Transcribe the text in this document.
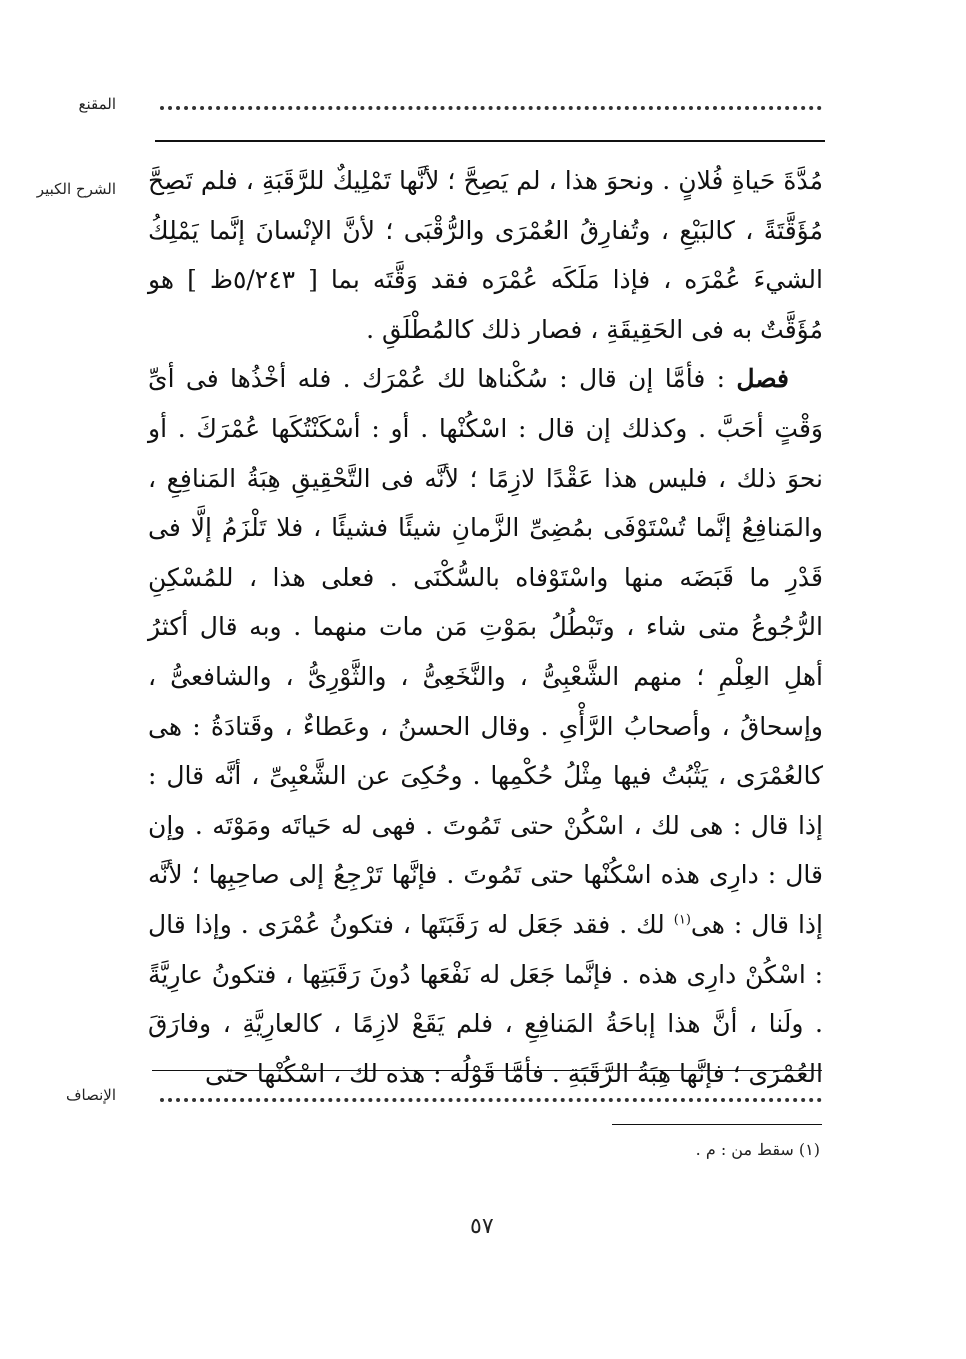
المقنع
الشرح الكبير مُدَّةَ حَياةِ فُلانٍ . ونحوَ هذا ، لم يَصِحَّ ؛ لأنَّها تَمْلِيكٌ للرَّقَبَةِ ، فلم تَصِحَّ مُؤَقَّتَةً ، كالبَيْعِ ، وتُفارِقُ العُمْرَى والرُّقْبَى ؛ لأنَّ الإنْسانَ إنَّما يَمْلِكُ الشيءَ عُمْرَه ، فإذا مَلَكَه عُمْرَه فقد وَقَّتَه بما [ ٥/٢٤٣ظ ] هو مُؤَقَّتٌ به فى الحَقِيقَةِ ، فصار ذلك كالمُطْلَقِ .

فصل : فأمَّا إن قال : سُكْناها لك عُمْرَك . فله أخْذُها فى أىِّ وَقْتٍ أحَبَّ . وكذلك إن قال : اسْكُنْها . أو : أسْكَنْتُكَها عُمْرَكَ . أو نحوَ ذلك ، فليس هذا عَقْدًا لازِمًا ؛ لأنَّه فى التَّحْقِيقِ هِبَةُ المَنافِعِ ، والمَنافِعُ إنَّما تُسْتَوْفَى بمُضِىِّ الزَّمانِ شيئًا فشيئًا ، فلا تَلْزَمُ إلَّا فى قَدْرِ ما قَبَضَه منها واسْتَوْفاه بالسُّكْنَى . فعلى هذا ، للمُسْكِنِ الرُّجُوعُ متى شاء ، وتَبْطُلُ بمَوْتِ مَن مات منهما . وبه قال أكثرُ أهلِ العِلْمِ ؛ منهم الشَّعْبِىُّ ، والنَّخَعِىُّ ، والثَّوْرِىُّ ، والشافعىُّ ، وإسحاقُ ، وأصحابُ الرَّأْىِ . وقال الحسنُ ، وعَطاءٌ ، وقَتادَةُ : هى كالعُمْرَى ، يَثْبُتُ فيها مِثْلُ حُكْمِها . وحُكِىَ عن الشَّعْبِىِّ ، أنَّه قال : إذا قال : هى لك ، اسْكُنْ حتى تَمُوتَ . فهى له حَياتَه ومَوْتَه . وإن قال : دارِى هذه اسْكُنْها حتى تَمُوتَ . فإنَّها تَرْجِعُ إلى صاحِبِها ؛ لأنَّه إذا قال : هى$^{(١)}$ لك . فقد جَعَل له رَقَبَتَها ، فتكونُ عُمْرَى . وإذا قال : اسْكُنْ دارِى هذه . فإنَّما جَعَل له نَفْعَها دُونَ رَقَبَتِها ، فتكونُ عارِيَّةً . ولَنا ، أنَّ هذا إباحَةُ المَنافِعِ ، فلم يَقَعْ لازِمًا ، كالعارِيَّةِ ، وفارَقَ العُمْرَى ؛ فإنَّها هِبَةُ الرَّقَبَةِ . فأمَّا قَوْلُه : هذه لك ، اسْكُنْها حتى

الإنصاف
(١) سقط من : م .
٥٧
